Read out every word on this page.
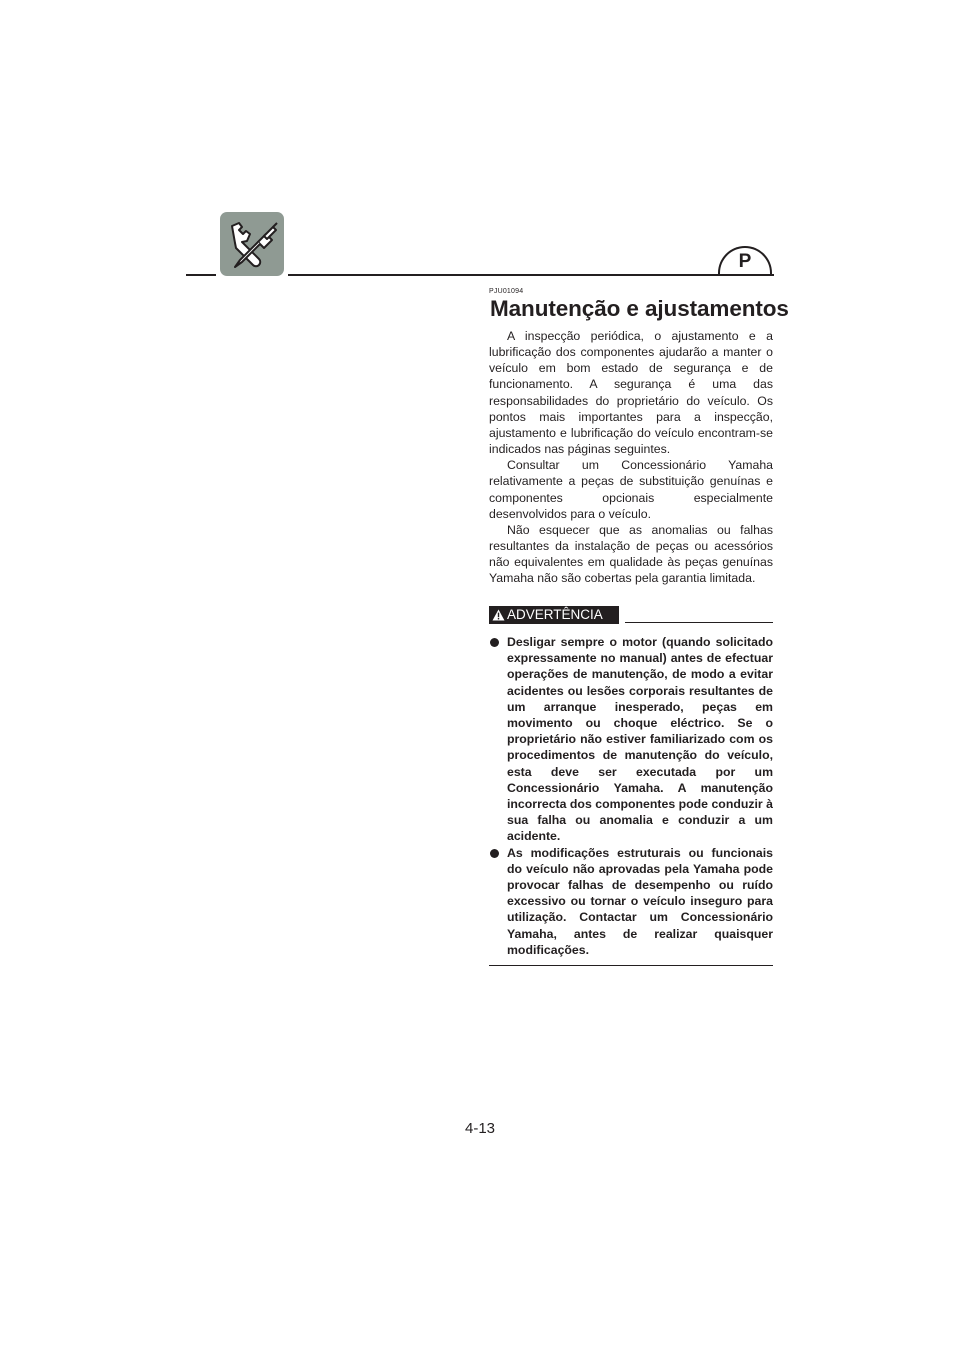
P
PJU01094
Manutenção e ajustamentos

A inspecção periódica, o ajustamento e a lubrificação dos componentes ajudarão a manter o veículo em bom estado de segurança e de funcionamento. A segurança é uma das responsabilidades do proprietário do veículo. Os pontos mais importantes para a inspecção, ajustamento e lubrificação do veículo encontram-se indicados nas páginas seguintes.

Consultar um Concessionário Yamaha relativamente a peças de substituição genuínas e componentes opcionais especialmente desenvolvidos para o veículo.

Não esquecer que as anomalias ou falhas resultantes da instalação de peças ou acessórios não equivalentes em qualidade às peças genuínas Yamaha não são cobertas pela garantia limitada.

ADVERTÊNCIA
Desligar sempre o motor (quando solicitado expressamente no manual) antes de efectuar operações de manutenção, de modo a evitar acidentes ou lesões corporais resultantes de um arranque inesperado, peças em movimento ou choque eléctrico. Se o proprietário não estiver familiarizado com os procedimentos de manutenção do veículo, esta deve ser executada por um Concessionário Yamaha. A manutenção incorrecta dos componentes pode conduzir à sua falha ou anomalia e conduzir a um acidente.
As modificações estruturais ou funcionais do veículo não aprovadas pela Yamaha pode provocar falhas de desempenho ou ruído excessivo ou tornar o veículo inseguro para utilização. Contactar um Concessionário Yamaha, antes de realizar quaisquer modificações.
4-13
